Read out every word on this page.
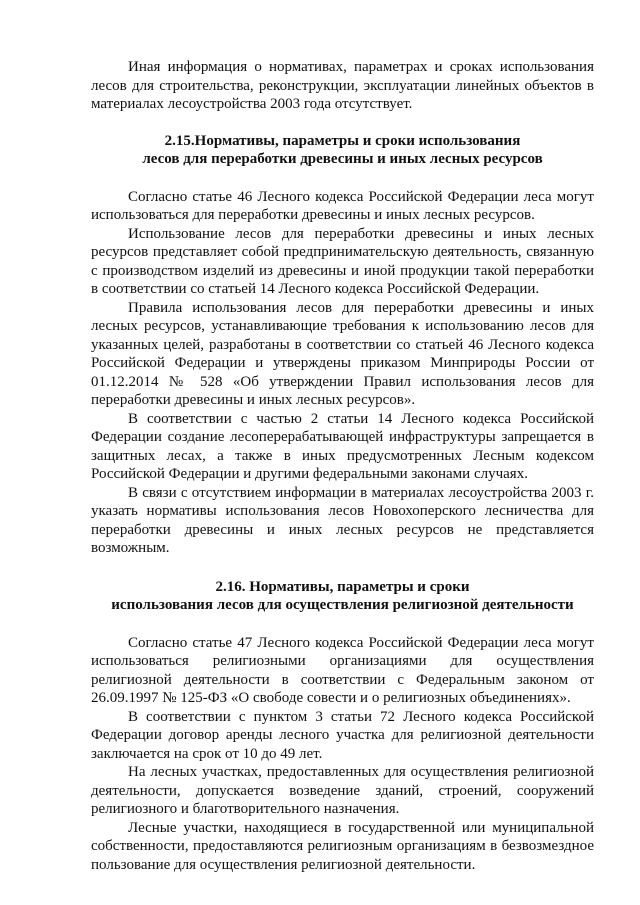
Иная информация о нормативах, параметрах и сроках использования лесов для строительства, реконструкции, эксплуатации линейных объектов в материалах лесоустройства 2003 года отсутствует.

2.15.Нормативы, параметры и сроки использования
лесов для переработки древесины и иных лесных ресурсов

Согласно статье 46 Лесного кодекса Российской Федерации леса могут использоваться для переработки древесины и иных лесных ресурсов.

Использование лесов для переработки древесины и иных лесных ресурсов представляет собой предпринимательскую деятельность, связанную с производством изделий из древесины и иной продукции такой переработки в соответствии со статьей 14 Лесного кодекса Российской Федерации.

Правила использования лесов для переработки древесины и иных лесных ресурсов, устанавливающие требования к использованию лесов для указанных целей, разработаны в соответствии со статьей 46 Лесного кодекса Российской Федерации и утверждены приказом Минприроды России от 01.12.2014 № 528 «Об утверждении Правил использования лесов для переработки древесины и иных лесных ресурсов».

В соответствии с частью 2 статьи 14 Лесного кодекса Российской Федерации создание лесоперерабатывающей инфраструктуры запрещается в защитных лесах, а также в иных предусмотренных Лесным кодексом Российской Федерации и другими федеральными законами случаях.

В связи с отсутствием информации в материалах лесоустройства 2003 г. указать нормативы использования лесов Новохоперского лесничества для переработки древесины и иных лесных ресурсов не представляется возможным.

2.16. Нормативы, параметры и сроки
использования лесов для осуществления религиозной деятельности

Согласно статье 47 Лесного кодекса Российской Федерации леса могут использоваться религиозными организациями для осуществления религиозной деятельности в соответствии с Федеральным законом от 26.09.1997 № 125-ФЗ «О свободе совести и о религиозных объединениях».

В соответствии с пунктом 3 статьи 72 Лесного кодекса Российской Федерации договор аренды лесного участка для религиозной деятельности заключается на срок от 10 до 49 лет.

На лесных участках, предоставленных для осуществления религиозной деятельности, допускается возведение зданий, строений, сооружений религиозного и благотворительного назначения.

Лесные участки, находящиеся в государственной или муниципальной собственности, предоставляются религиозным организациям в безвозмездное пользование для осуществления религиозной деятельности.
